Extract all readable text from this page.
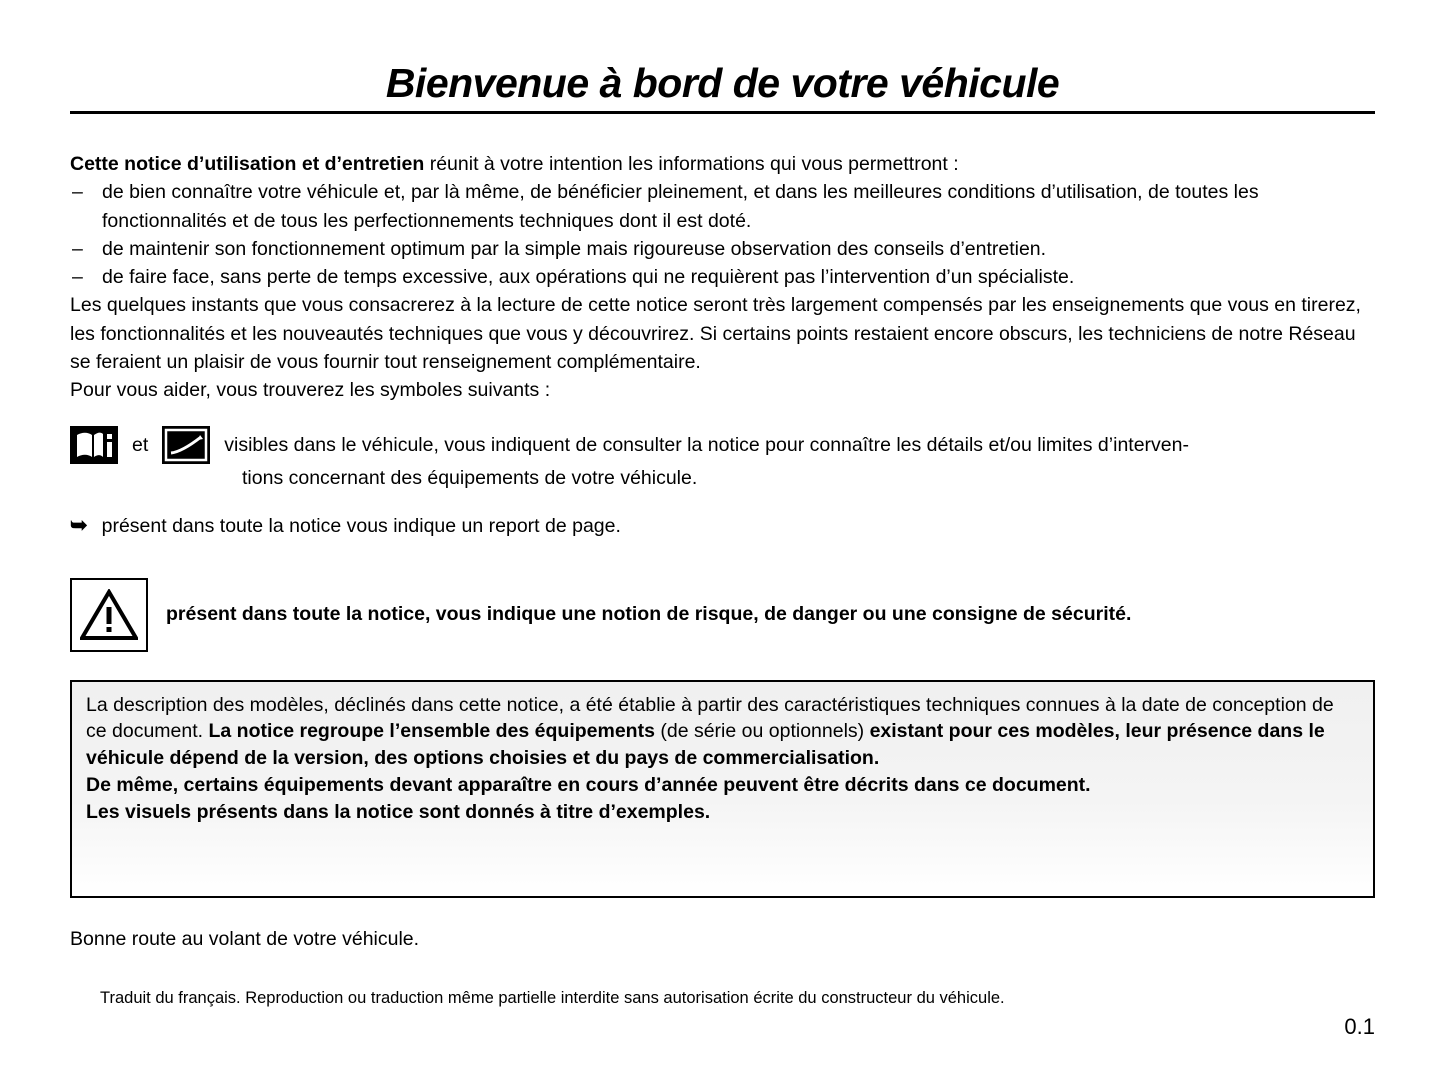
Bienvenue à bord de votre véhicule

Cette notice d’utilisation et d’entretien réunit à votre intention les informations qui vous permettront :

– de bien connaître votre véhicule et, par là même, de bénéficier pleinement, et dans les meilleures conditions d’utilisation, de toutes les fonctionnalités et de tous les perfectionnements techniques dont il est doté.
– de maintenir son fonctionnement optimum par la simple mais rigoureuse observation des conseils d’entretien.
– de faire face, sans perte de temps excessive, aux opérations qui ne requièrent pas l’intervention d’un spécialiste.

Les quelques instants que vous consacrerez à la lecture de cette notice seront très largement compensés par les enseignements que vous en tirerez, les fonctionnalités et les nouveautés techniques que vous y découvrirez. Si certains points restaient encore obscurs, les techniciens de notre Réseau se feraient un plaisir de vous fournir tout renseignement complémentaire.

Pour vous aider, vous trouverez les symboles suivants :

et	visibles dans le véhicule, vous indiquent de consulter la notice pour connaître les détails et/ou limites d’interven-
tions concernant des équipements de votre véhicule.
➥ présent dans toute la notice vous indique un report de page.
présent dans toute la notice, vous indique une notion de risque, de danger ou une consigne de sécurité.

La description des modèles, déclinés dans cette notice, a été établie à partir des caractéristiques techniques connues à la date de conception de ce document. La notice regroupe l’ensemble des équipements (de série ou optionnels) existant pour ces modèles, leur présence dans le véhicule dépend de la version, des options choisies et du pays de commercialisation.

De même, certains équipements devant apparaître en cours d’année peuvent être décrits dans ce document.

Les visuels présents dans la notice sont donnés à titre d’exemples.

Bonne route au volant de votre véhicule.
Traduit du français. Reproduction ou traduction même partielle interdite sans autorisation écrite du constructeur du véhicule.
0.1
